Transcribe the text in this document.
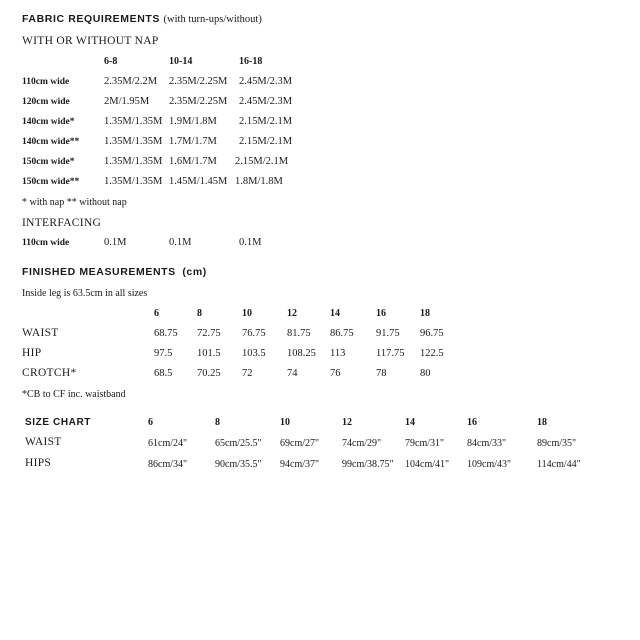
FABRIC REQUIREMENTS (with turn-ups/without)
WITH OR WITHOUT NAP
6-8	10-14	16-18
110cm wide	2.35M/2.2M 2.35M/2.25M 2.45M/2.3M
120cm wide	2M/1.95M 2.35M/2.25M 2.45M/2.3M
140cm wide*	1.35M/1.35M 1.9M/1.8M 2.15M/2.1M
140cm wide** 1.35M/1.35M 1.7M/1.7M 2.15M/2.1M
150cm wide*	1.35M/1.35M 1.6M/1.7M 2.15M/2.1M
150cm wide** 1.35M/1.35M 1.45M/1.45M 1.8M/1.8M
* with nap ** without nap
INTERFACING
110cm wide	0.1M	0.1M	0.1M
FINISHED MEASUREMENTS (cm)
Inside leg is 63.5cm in all sizes
6	8	10	12	14	16	18
WAIST	68.75 72.75 76.75 81.75 86.75 91.75 96.75
HIP	97.5 101.5 103.5 108.25 113	117.75 122.5
CROTCH*	68.5 70.25 72	74	76	78	80
*CB to CF inc. waistband
SIZE CHART	6	8	10	12	14	16	18
WAIST	61cm/24"	65cm/25.5" 69cm/27" 74cm/29" 79cm/31" 84cm/33"	89cm/35"
HIPS	86cm/34"	90cm/35.5" 94cm/37" 99cm/38.75" 104cm/41" 109cm/43"	114cm/44"
